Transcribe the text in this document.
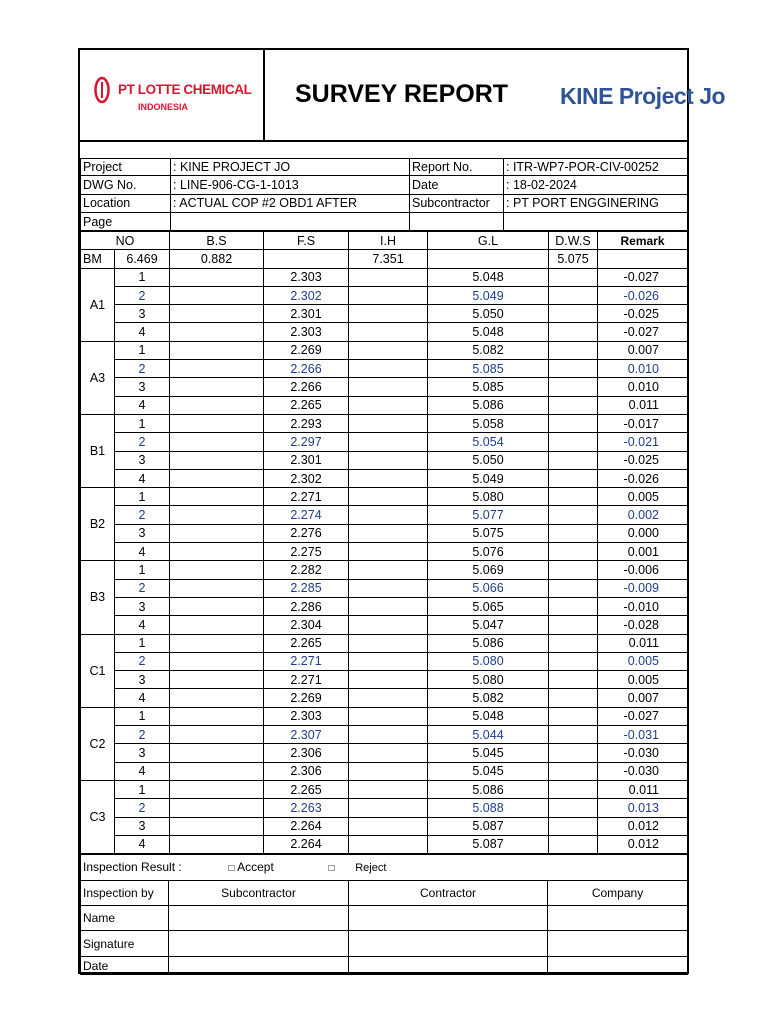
PT LOTTE CHEMICAL
INDONESIA	SURVEY REPORT KINE Project Jo
Project	: KINE PROJECT JO	Report No.	: ITR-WP7-POR-CIV-00252
DWG No.	: LINE-906-CG-1-1013	Date	: 18-02-2024
Location	: ACTUAL COP #2 OBD1 AFTER	Subcontractor	: PT PORT ENGGINERING
Page			
NO		B.S	F.S	I.H	G.L	D.W.S	Remark
BM	6.469	0.882		7.351		5.075	
A1	1		2.303		5.048		-0.027
	2		2.302		5.049		-0.026
	3		2.301		5.050		-0.025
	4		2.303		5.048		-0.027
A3	1		2.269		5.082		0.007
	2		2.266		5.085		0.010
	3		2.266		5.085		0.010
	4		2.265		5.086		0.011
B1	1		2.293		5.058		-0.017
	2		2.297		5.054		-0.021
	3		2.301		5.050		-0.025
	4		2.302		5.049		-0.026
B2	1		2.271		5.080		0.005
	2		2.274		5.077		0.002
	3		2.276		5.075		0.000
	4		2.275		5.076		0.001
B3	1		2.282		5.069		-0.006
	2		2.285		5.066		-0.009
	3		2.286		5.065		-0.010
	4		2.304		5.047		-0.028
C1	1		2.265		5.086		0.011
	2		2.271		5.080		0.005
	3		2.271		5.080		0.005
	4		2.269		5.082		0.007
C2	1		2.303		5.048		-0.027
	2		2.307		5.044		-0.031
	3		2.306		5.045		-0.030
	4		2.306		5.045		-0.030
C3	1		2.265		5.086		0.011
	2		2.263		5.088		0.013
	3		2.264		5.087		0.012
	4		2.264		5.087		0.012
Inspection Result : □ Accept □ Reject			
Inspection by	Subcontractor	Contractor	Company
Name			
Signature			
Date			
